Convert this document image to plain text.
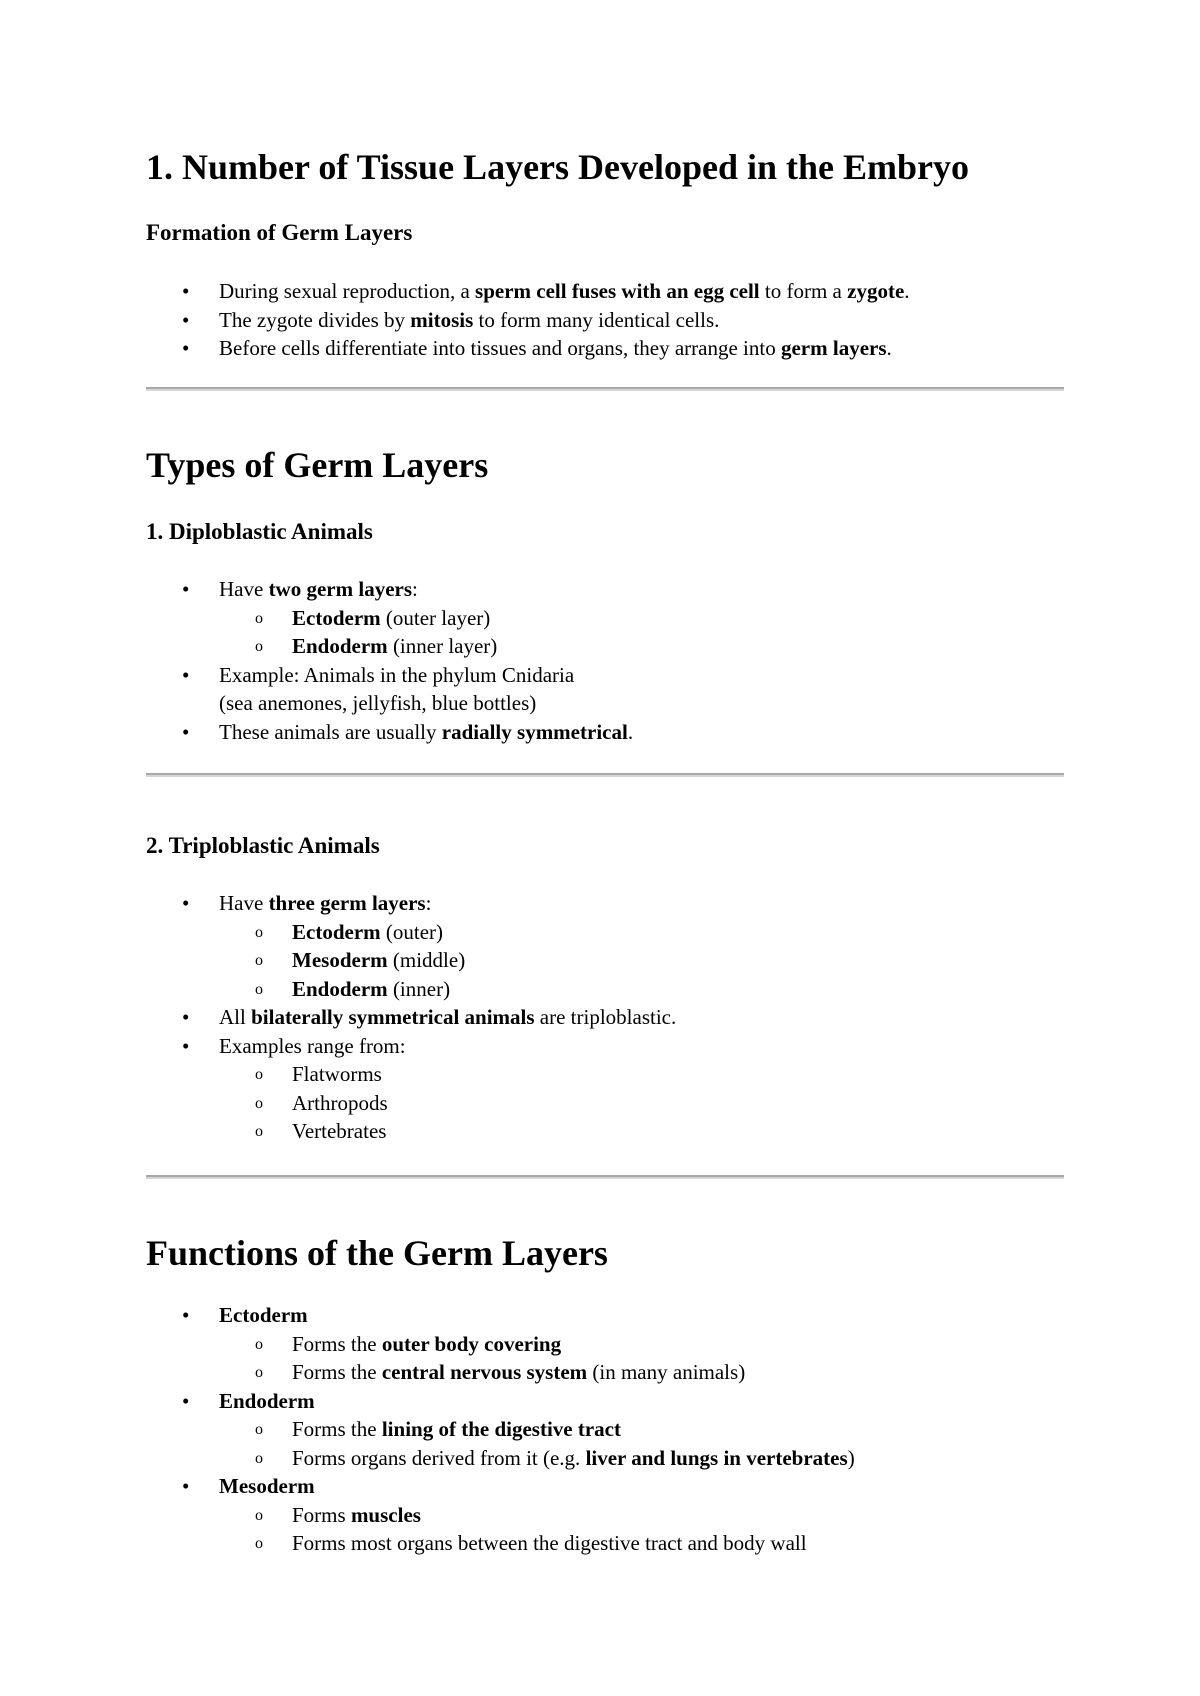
1. Number of Tissue Layers Developed in the Embryo
Formation of Germ Layers
• During sexual reproduction, a sperm cell fuses with an egg cell to form a zygote.
• The zygote divides by mitosis to form many identical cells.
• Before cells differentiate into tissues and organs, they arrange into germ layers.
Types of Germ Layers
1. Diploblastic Animals
• Have two germ layers:
o Ectoderm (outer layer)
o Endoderm (inner layer)
• Example: Animals in the phylum Cnidaria
(sea anemones, jellyfish, blue bottles)
• These animals are usually radially symmetrical.
2. Triploblastic Animals
• Have three germ layers:
o Ectoderm (outer)
o Mesoderm (middle)
o Endoderm (inner)
• All bilaterally symmetrical animals are triploblastic.
• Examples range from:
o Flatworms
o Arthropods
o Vertebrates
Functions of the Germ Layers
• Ectoderm
o Forms the outer body covering
o Forms the central nervous system (in many animals)
• Endoderm
o Forms the lining of the digestive tract
o Forms organs derived from it (e.g. liver and lungs in vertebrates)
• Mesoderm
o Forms muscles
o Forms most organs between the digestive tract and body wall
